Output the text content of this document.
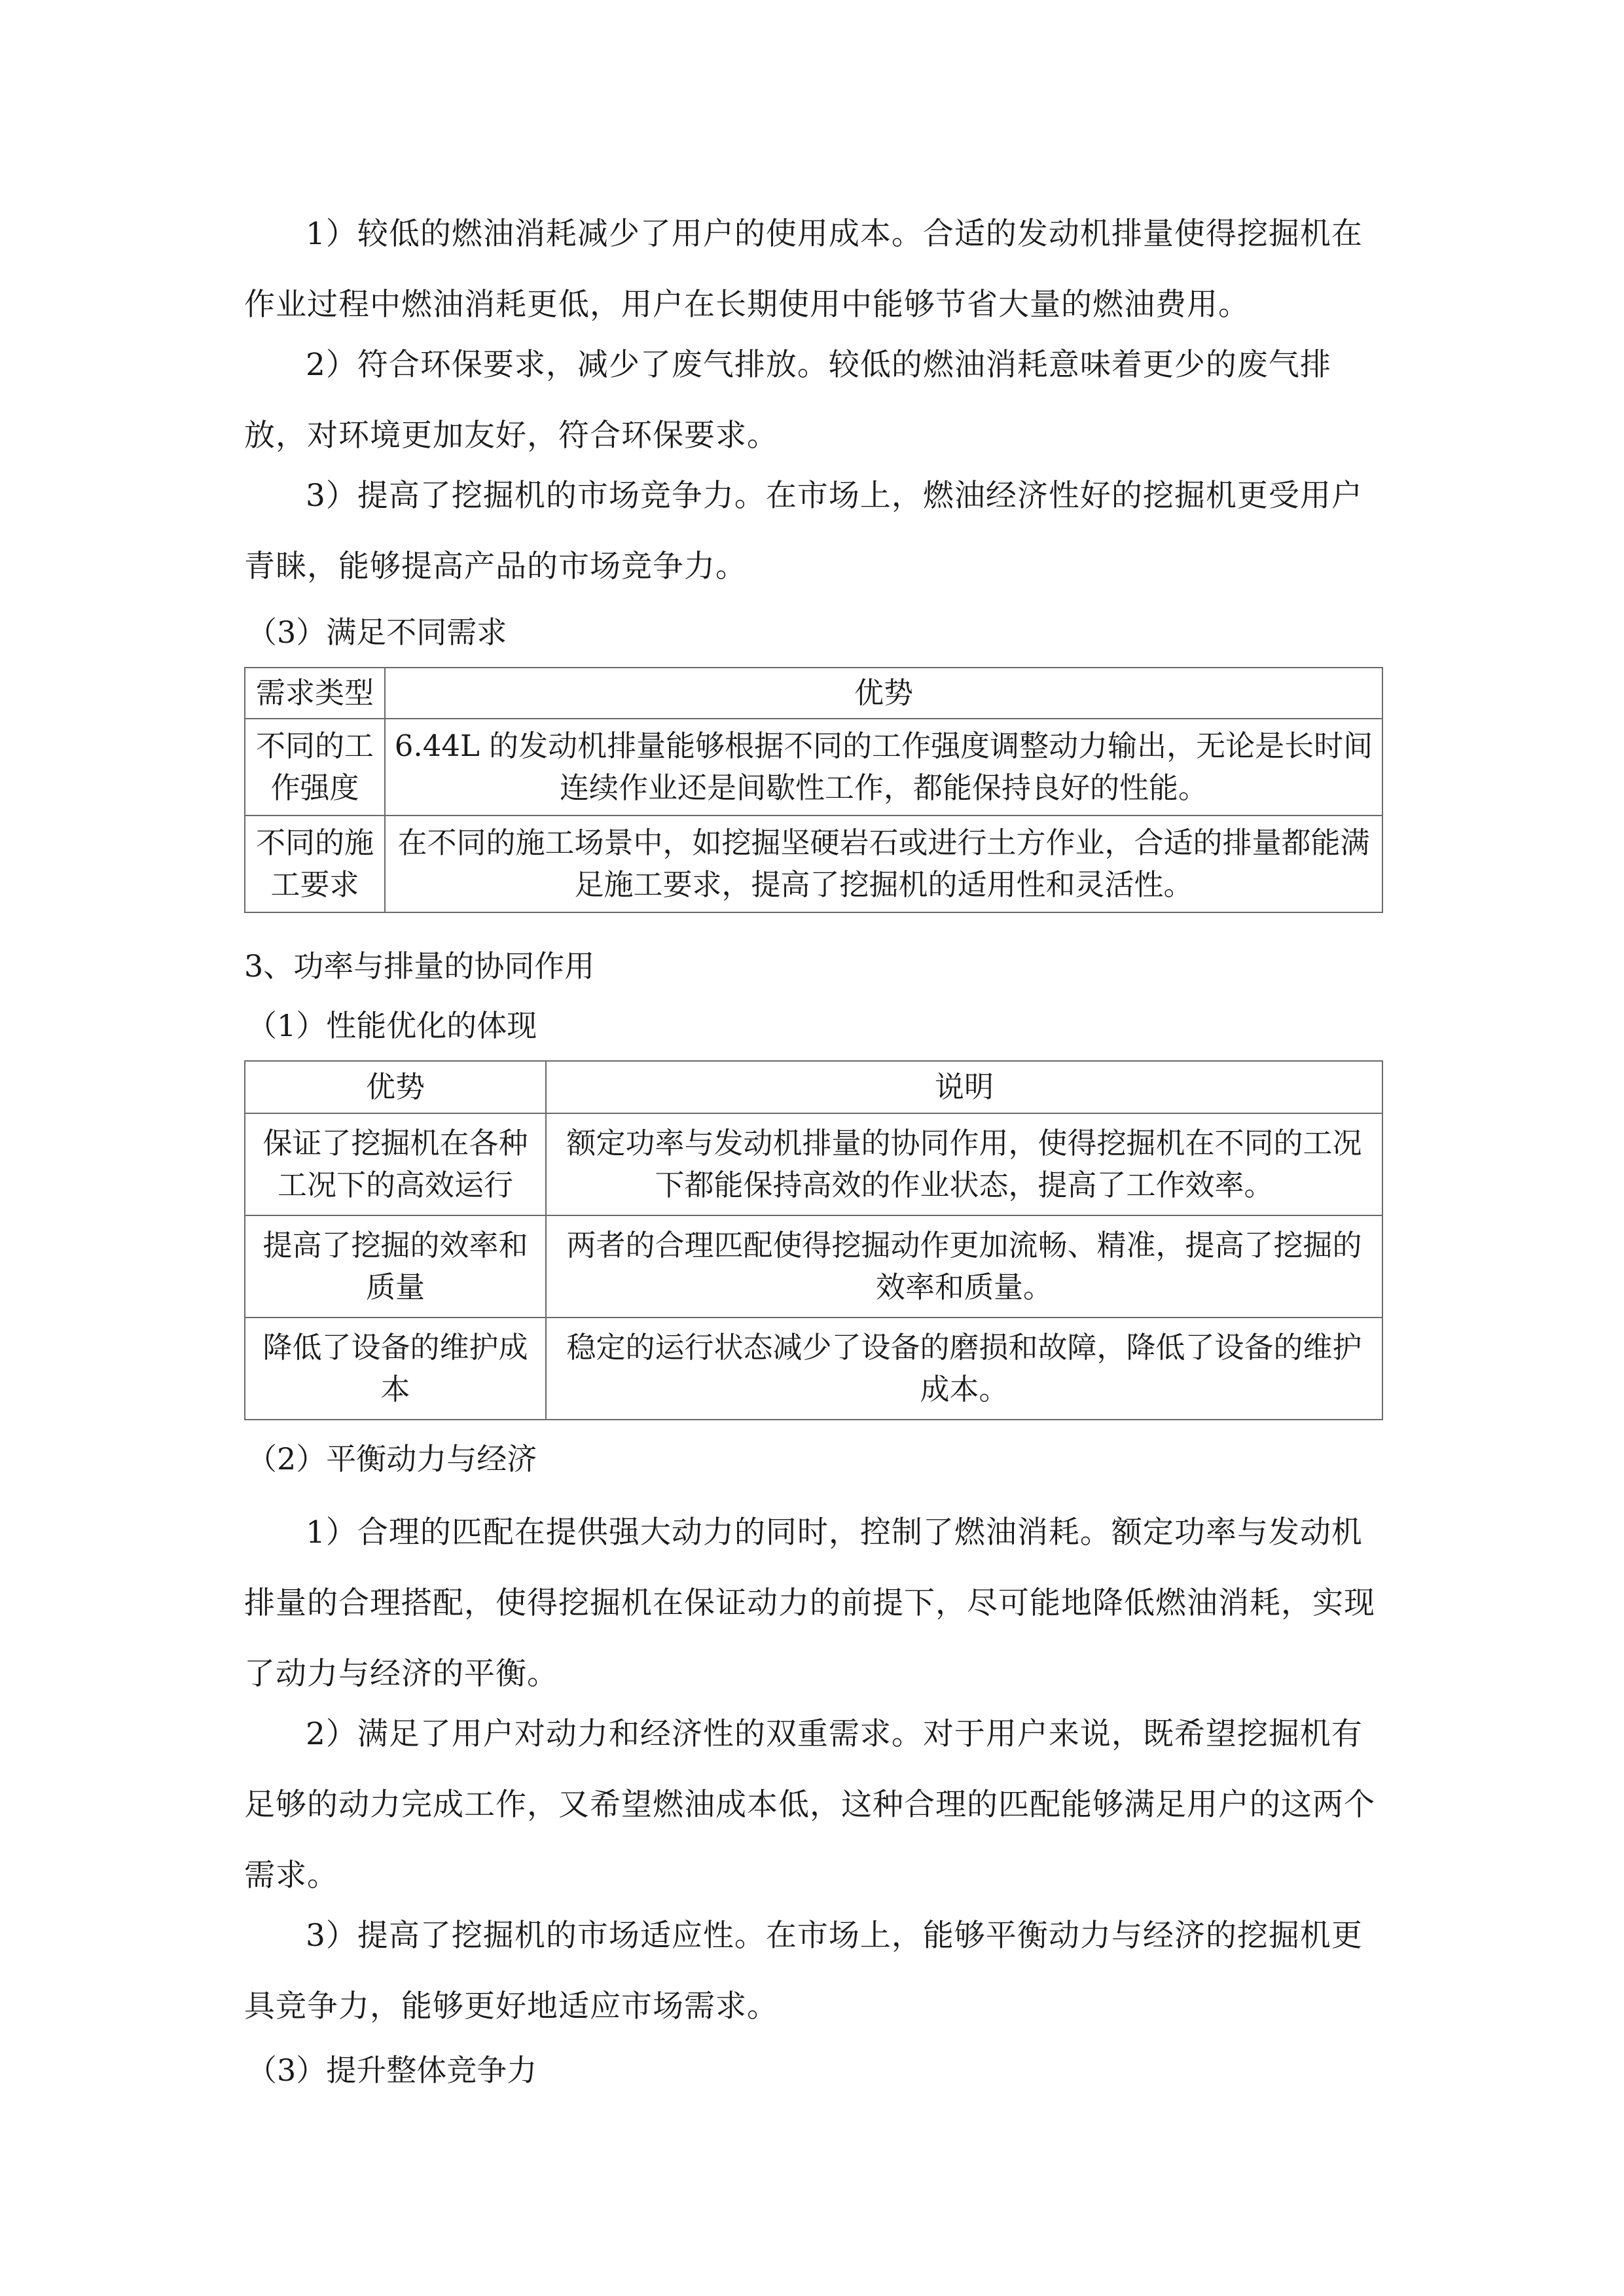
1）较低的燃油消耗减少了用户的使用成本。合适的发动机排量使得挖掘机在作业过程中燃油消耗更低，用户在长期使用中能够节省大量的燃油费用。

2）符合环保要求，减少了废气排放。较低的燃油消耗意味着更少的废气排放，对环境更加友好，符合环保要求。

3）提高了挖掘机的市场竞争力。在市场上，燃油经济性好的挖掘机更受用户青睐，能够提高产品的市场竞争力。

（3）满足不同需求

需求类型	优势
不同的工作强度	6.44L 的发动机排量能够根据不同的工作强度调整动力输出，无论是长时间连续作业还是间歇性工作，都能保持良好的性能。
不同的施工要求	在不同的施工场景中，如挖掘坚硬岩石或进行土方作业，合适的排量都能满足施工要求，提高了挖掘机的适用性和灵活性。

3、功率与排量的协同作用

（1）性能优化的体现

优势	说明
保证了挖掘机在各种工况下的高效运行	额定功率与发动机排量的协同作用，使得挖掘机在不同的工况下都能保持高效的作业状态，提高了工作效率。
提高了挖掘的效率和质量	两者的合理匹配使得挖掘动作更加流畅、精准，提高了挖掘的效率和质量。
降低了设备的维护成本	稳定的运行状态减少了设备的磨损和故障，降低了设备的维护成本。

（2）平衡动力与经济

1）合理的匹配在提供强大动力的同时，控制了燃油消耗。额定功率与发动机排量的合理搭配，使得挖掘机在保证动力的前提下，尽可能地降低燃油消耗，实现了动力与经济的平衡。

2）满足了用户对动力和经济性的双重需求。对于用户来说，既希望挖掘机有足够的动力完成工作，又希望燃油成本低，这种合理的匹配能够满足用户的这两个需求。

3）提高了挖掘机的市场适应性。在市场上，能够平衡动力与经济的挖掘机更具竞争力，能够更好地适应市场需求。

（3）提升整体竞争力
